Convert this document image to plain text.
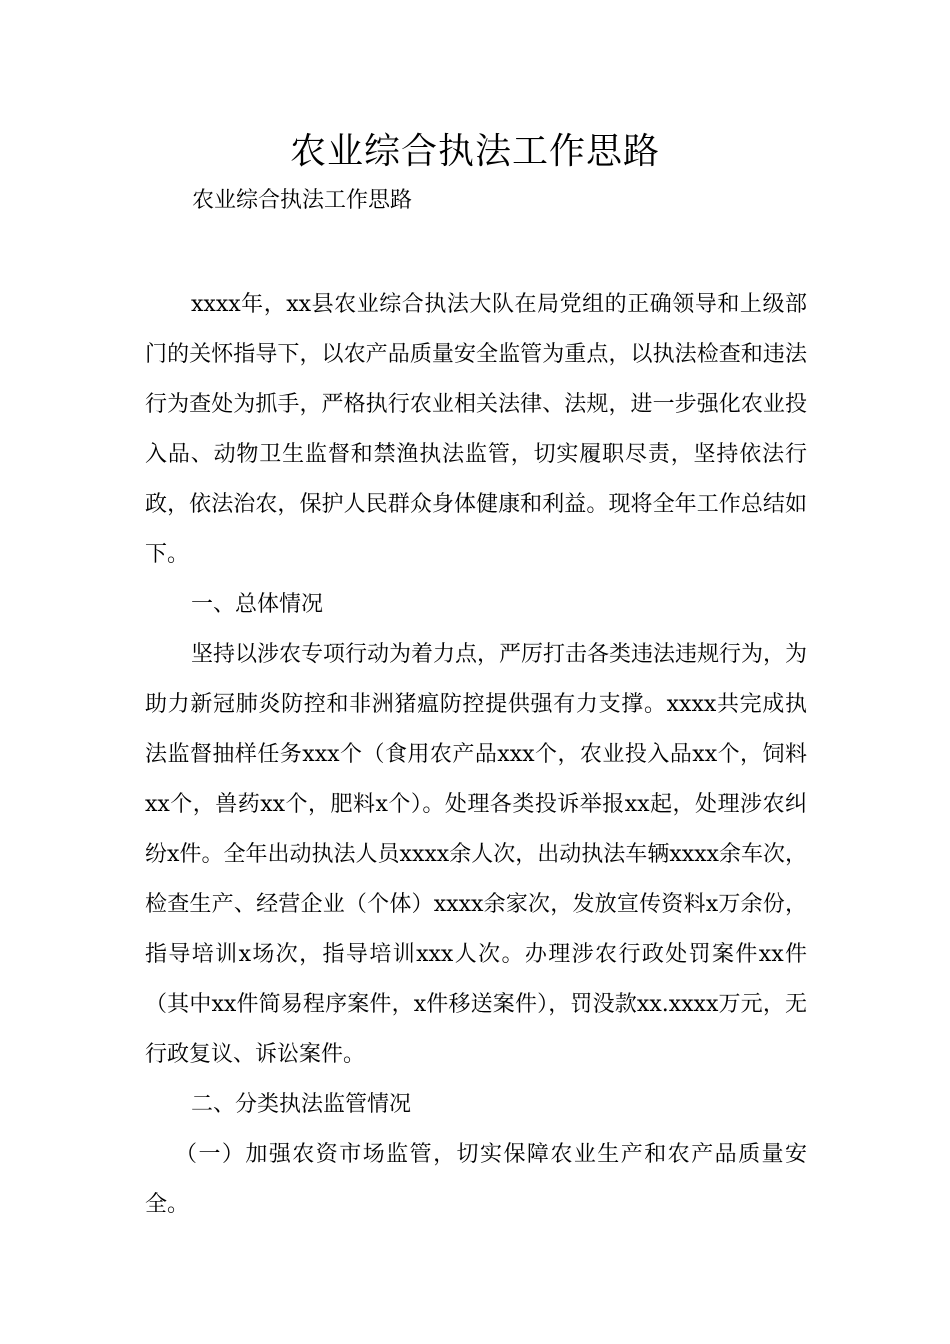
农业综合执法工作思路
农业综合执法工作思路

xxxx年，xx县农业综合执法大队在局党组的正确领导和上级部门的关怀指导下，以农产品质量安全监管为重点，以执法检查和违法行为查处为抓手，严格执行农业相关法律、法规，进一步强化农业投入品、动物卫生监督和禁渔执法监管，切实履职尽责，坚持依法行政，依法治农，保护人民群众身体健康和利益。现将全年工作总结如下。

一、总体情况

坚持以涉农专项行动为着力点，严厉打击各类违法违规行为，为助力新冠肺炎防控和非洲猪瘟防控提供强有力支撑。xxxx共完成执法监督抽样任务xxx个（食用农产品xxx个，农业投入品xx个，饲料xx个，兽药xx个，肥料x个）。处理各类投诉举报xx起，处理涉农纠纷x件。全年出动执法人员xxxx余人次，出动执法车辆xxxx余车次，检查生产、经营企业（个体）xxxx余家次，发放宣传资料x万余份，指导培训x场次，指导培训xxx人次。办理涉农行政处罚案件xx件（其中xx件简易程序案件，x件移送案件），罚没款xx.xxxx万元，无行政复议、诉讼案件。

二、分类执法监管情况

（一）加强农资市场监管，切实保障农业生产和农产品质量安全。
